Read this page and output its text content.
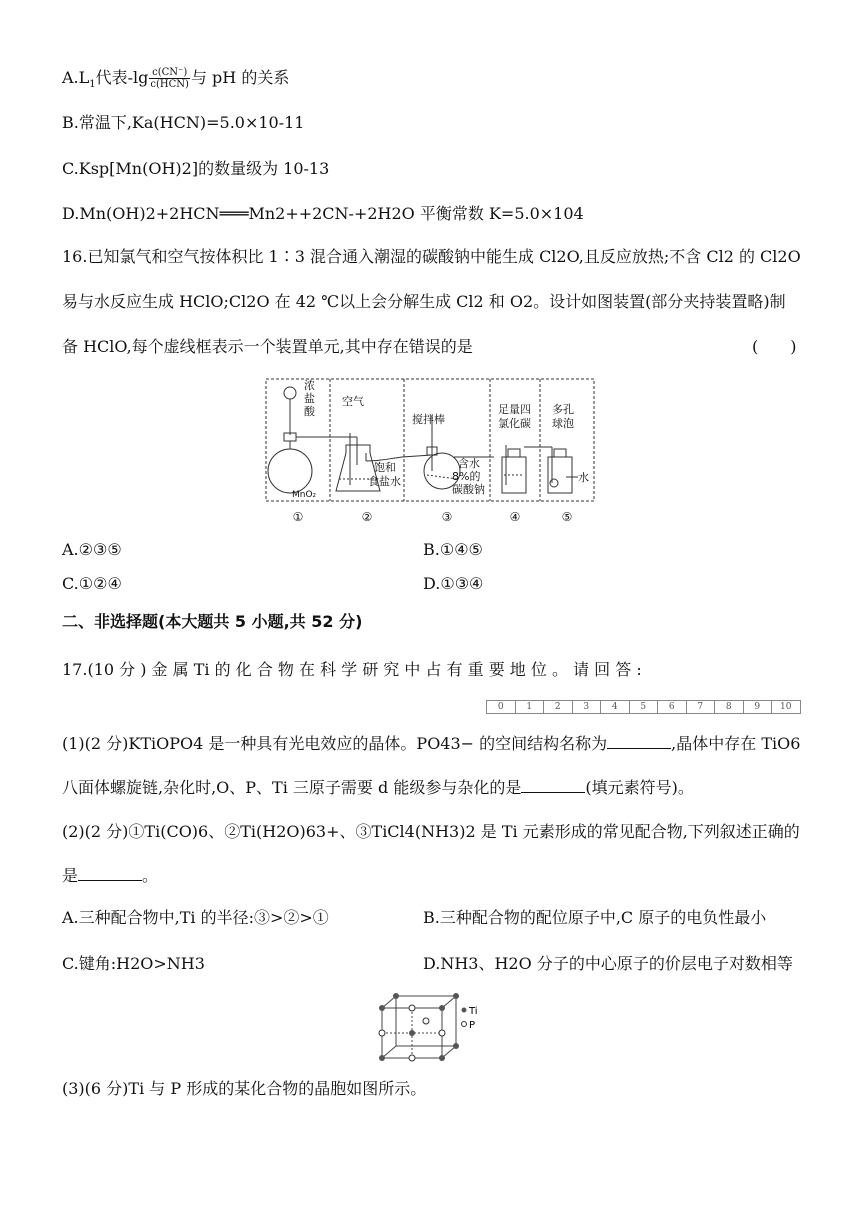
$A.L_1$代表$-\lg \frac{c(CN^-)}{\text{c(HCN)}}$ 与 pH 的关系
B.常温下,Ka(HCN)=5.0×10-11
C.Ksp[Mn(OH)2]的数量级为 10-13
D.Mn(OH)2+2HCN═══Mn2++2CN-+2H2O 平衡常数 K=5.0×104
16.已知氯气和空气按体积比 1∶3 混合通入潮湿的碳酸钠中能生成 Cl2O,且反应放热;不含 Cl2 的 Cl2O
易与水反应生成 HClO;Cl2O 在 42 ℃以上会分解生成 Cl2 和 O2。设计如图装置(部分夹持装置略)制
备 HClO,每个虚线框表示一个装置单元,其中存在错误的是	(　　)
浓盐酸
MnO₂
空气
饱和食盐水
搅拌棒
含水 8%的碳酸钠
足量四氯化碳
多孔球泡
水
①	②	③	④	⑤
A.②③⑤	B.①④⑤
C.①②④	D.①③④
二、非选择题(本大题共 5 小题,共 52 分)
17.(10 分 ) 金 属 Ti 的 化 合 物 在 科 学 研 究 中 占 有 重 要 地 位 。 请 回 答 :
0	1	2	3	4	5	6	7	8	9	10
(1)(2 分)KTiOPO4 是一种具有光电效应的晶体。PO43− 的空间结构名称为	,晶体中存在 TiO6
八面体螺旋链,杂化时,O、P、Ti 三原子需要 d 能级参与杂化的是	(填元素符号)。
(2)(2 分)①Ti(CO)6、②Ti(H2O)63+、③TiCl4(NH3)2 是 Ti 元素形成的常见配合物,下列叙述正确的
是	。
A.三种配合物中,Ti 的半径:③>②>①	B.三种配合物的配位原子中,C 原子的电负性最小
C.键角:H2O>NH3	D.NH3、H2O 分子的中心原子的价层电子对数相等
Ti
P
(3)(6 分)Ti 与 P 形成的某化合物的晶胞如图所示。
